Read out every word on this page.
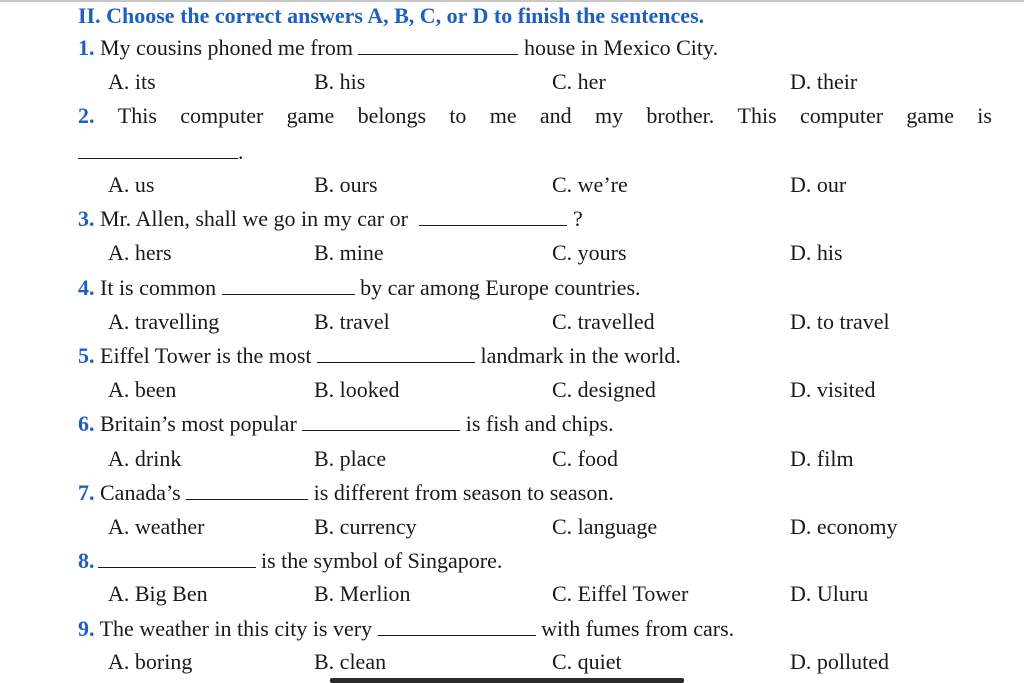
II. Choose the correct answers A, B, C, or D to finish the sentences.
1. My cousins phoned me from	house in Mexico City.
A. its	B. his	C. her	D. their
2. This computer game belongs to me and my brother. This computer game is
.
A. us	B. ours	C. we’re	D. our
3. Mr. Allen, shall we go in my car or	?
A. hers	B. mine	C. yours	D. his
4. It is common	by car among Europe countries.
A. travelling	B. travel	C. travelled	D. to travel
5. Eiffel Tower is the most	landmark in the world.
A. been	B. looked	C. designed	D. visited
6. Britain’s most popular	is fish and chips.
A. drink	B. place	C. food	D. film
7. Canada’s	is different from season to season.
A. weather	B. currency	C. language	D. economy
8.	is the symbol of Singapore.
A. Big Ben	B. Merlion	C. Eiffel Tower	D. Uluru
9. The weather in this city is very	with fumes from cars.
A. boring	B. clean	C. quiet	D. polluted
